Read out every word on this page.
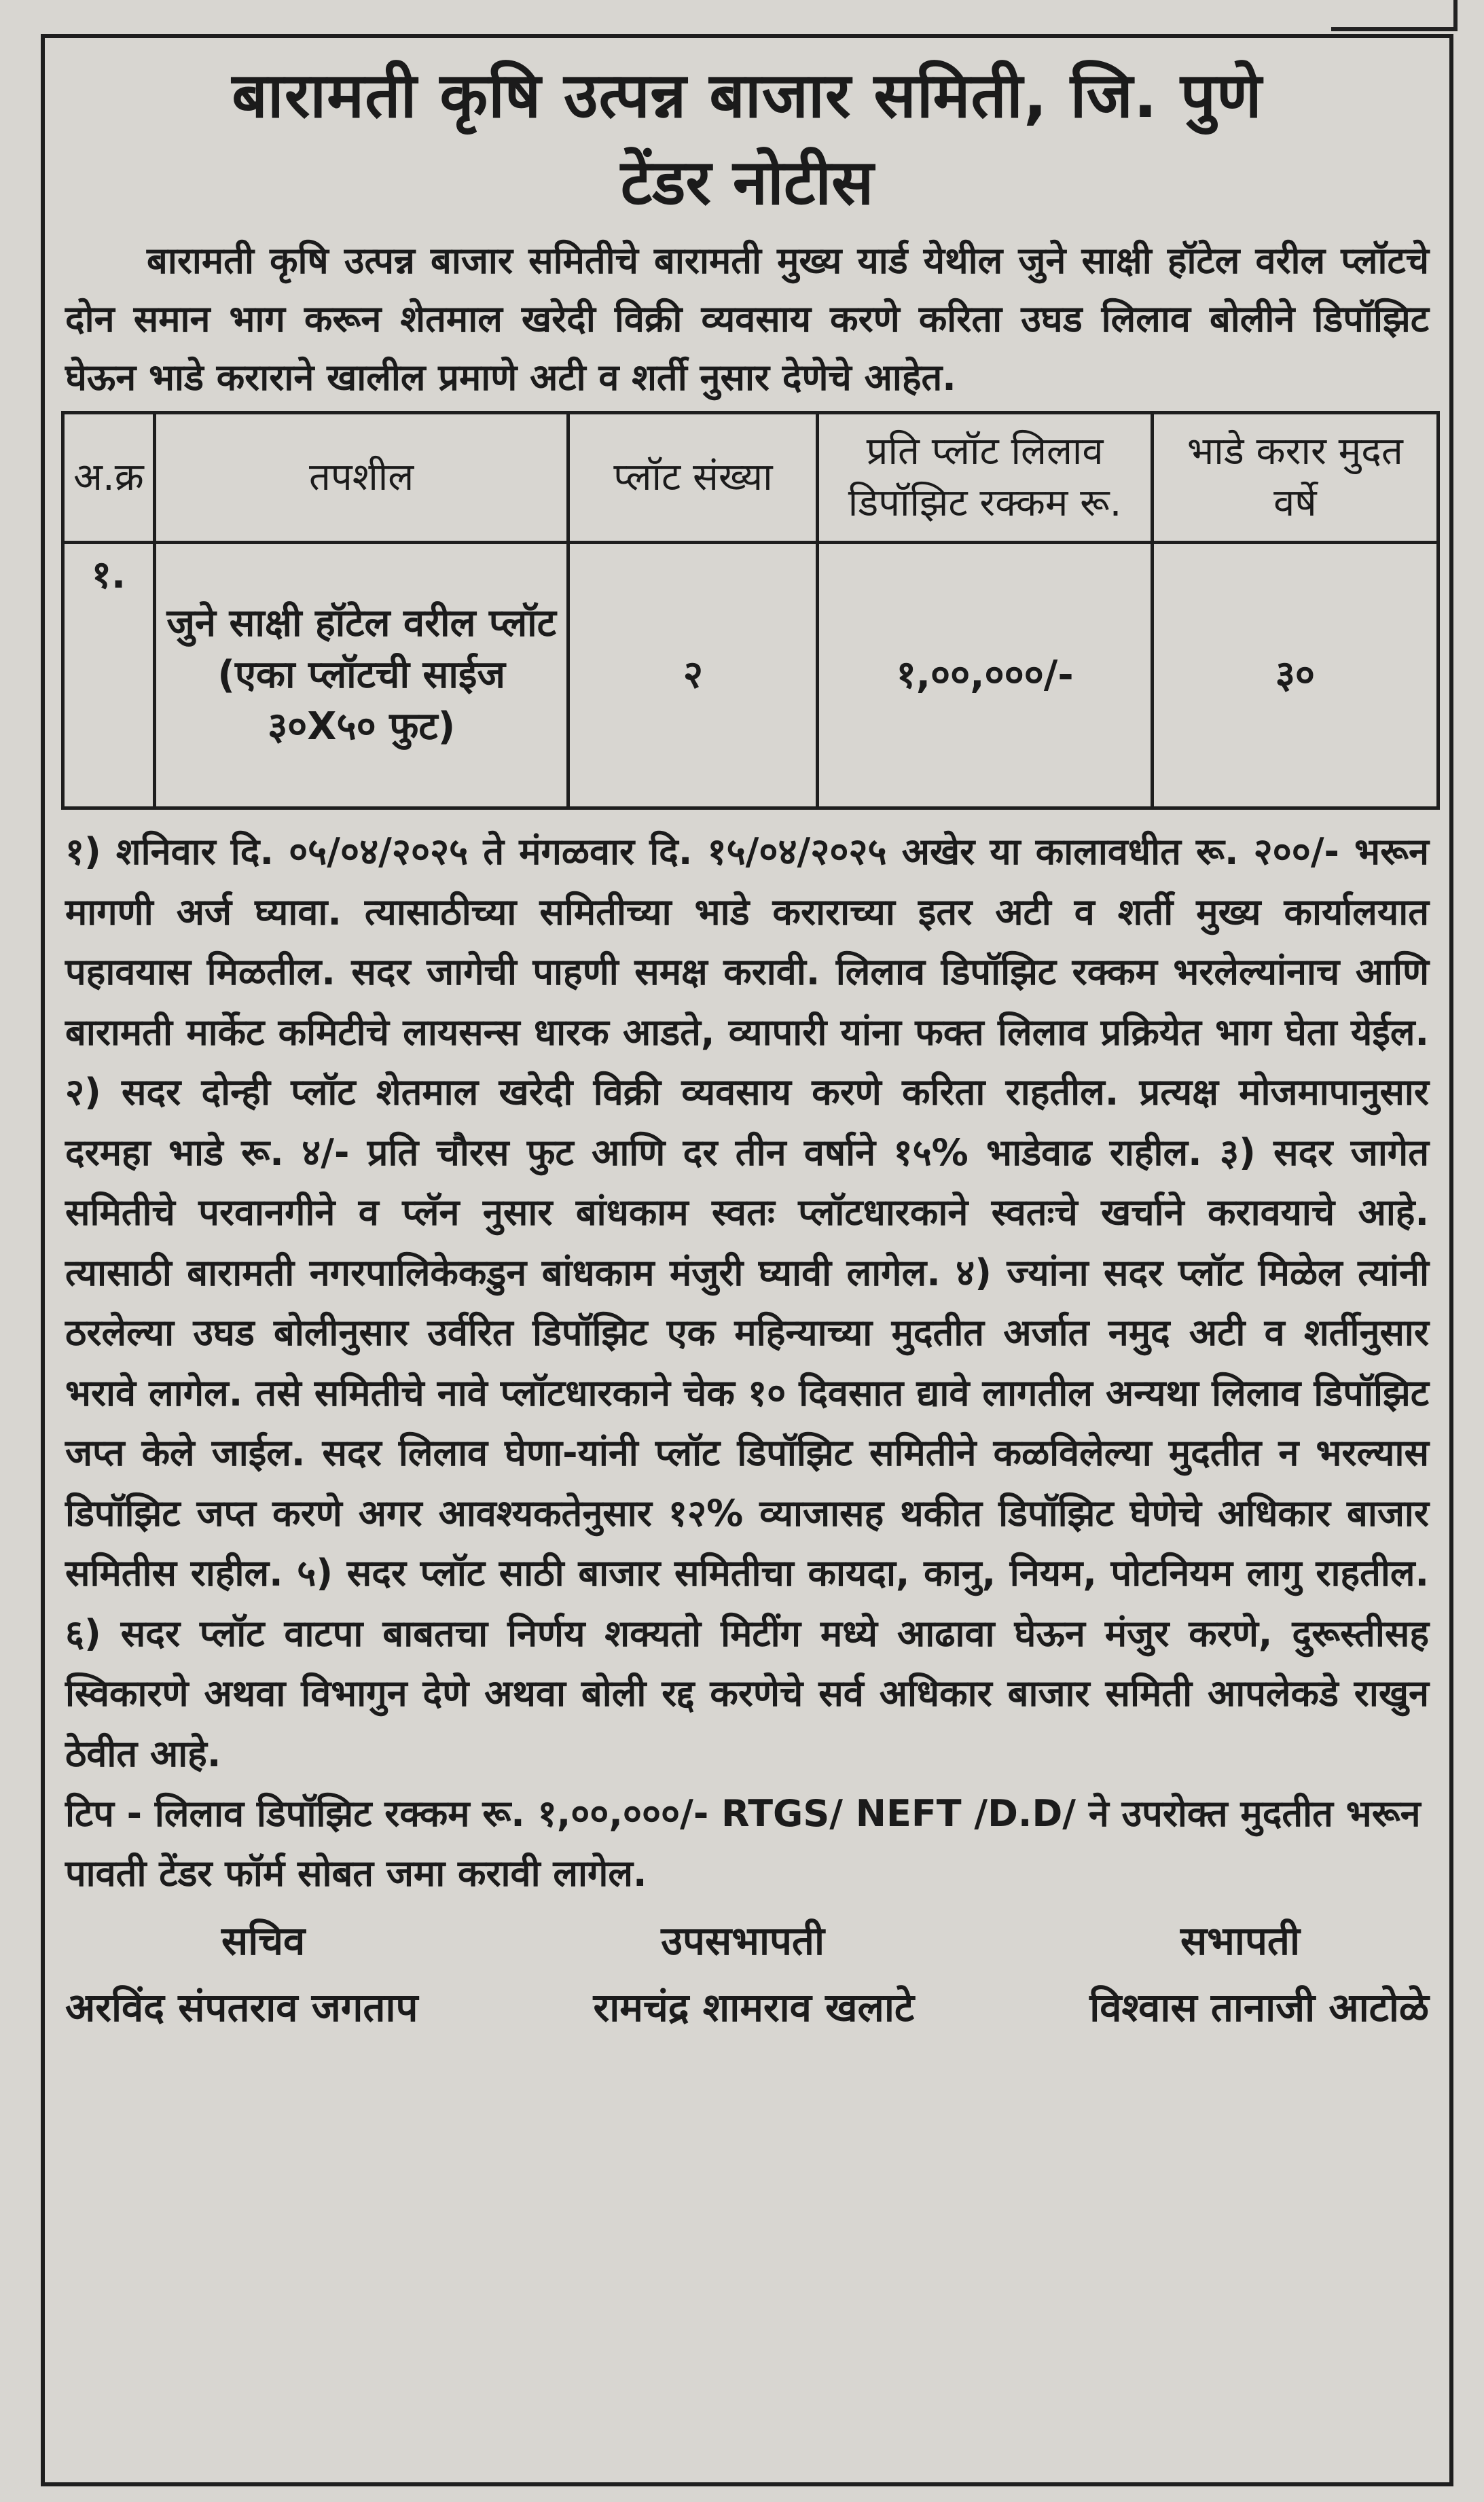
बारामती कृषि उत्पन्न बाजार समिती, जि. पुणे

टेंडर नोटीस

बारामती कृषि उत्पन्न बाजार समितीचे बारामती मुख्य यार्ड येथील जुने साक्षी हॉटेल वरील प्लॉटचे दोन समान भाग करून शेतमाल खरेदी विक्री व्यवसाय करणे करिता उघड लिलाव बोलीने डिपॉझिट घेऊन भाडे कराराने खालील प्रमाणे अटी व शर्ती नुसार देणेचे आहेत.

अ.क्र	तपशील	प्लॉट संख्या	प्रति प्लॉट लिलाव डिपॉझिट रक्कम रू.	भाडे करार मुदत वर्षे
१.	जुने साक्षी हॉटेल वरील प्लॉट (एका प्लॉटची साईज ३०X५० फुट)	२	१,००,०००/-	३०

१) शनिवार दि. ०५/०४/२०२५ ते मंगळवार दि. १५/०४/२०२५ अखेर या कालावधीत रू. २००/- भरून मागणी अर्ज घ्यावा. त्यासाठीच्या समितीच्या भाडे कराराच्या इतर अटी व शर्ती मुख्य कार्यालयात पहावयास मिळतील. सदर जागेची पाहणी समक्ष करावी. लिलाव डिपॉझिट रक्कम भरलेल्यांनाच आणि बारामती मार्केट कमिटीचे लायसन्स धारक आडते, व्यापारी यांना फक्त लिलाव प्रक्रियेत भाग घेता येईल. २) सदर दोन्ही प्लॉट शेतमाल खरेदी विक्री व्यवसाय करणे करिता राहतील. प्रत्यक्ष मोजमापानुसार दरमहा भाडे रू. ४/- प्रति चौरस फुट आणि दर तीन वर्षाने १५% भाडेवाढ राहील. ३) सदर जागेत समितीचे परवानगीने व प्लॅन नुसार बांधकाम स्वतः प्लॉटधारकाने स्वतःचे खर्चाने करावयाचे आहे. त्यासाठी बारामती नगरपालिकेकडुन बांधकाम मंजुरी घ्यावी लागेल. ४) ज्यांना सदर प्लॉट मिळेल त्यांनी ठरलेल्या उघड बोलीनुसार उर्वरित डिपॉझिट एक महिन्याच्या मुदतीत अर्जात नमुद अटी व शर्तीनुसार भरावे लागेल. तसे समितीचे नावे प्लॉटधारकाने चेक १० दिवसात द्यावे लागतील अन्यथा लिलाव डिपॉझिट जप्त केले जाईल. सदर लिलाव घेणा-यांनी प्लॉट डिपॉझिट समितीने कळविलेल्या मुदतीत न भरल्यास डिपॉझिट जप्त करणे अगर आवश्यकतेनुसार १२% व्याजासह थकीत डिपॉझिट घेणेचे अधिकार बाजार समितीस राहील. ५) सदर प्लॉट साठी बाजार समितीचा कायदा, कानु, नियम, पोटनियम लागु राहतील. ६) सदर प्लॉट वाटपा बाबतचा निर्णय शक्यतो मिटींग मध्ये आढावा घेऊन मंजुर करणे, दुरूस्तीसह स्विकारणे अथवा विभागुन देणे अथवा बोली रद्द करणेचे सर्व अधिकार बाजार समिती आपलेकडे राखुन ठेवीत आहे.

टिप - लिलाव डिपॉझिट रक्कम रू. १,००,०००/- RTGS/ NEFT /D.D/ ने उपरोक्त मुदतीत भरून पावती टेंडर फॉर्म सोबत जमा करावी लागेल.

सचिव	उपसभापती	सभापती
अरविंद संपतराव जगताप	रामचंद्र शामराव खलाटे	विश्वास तानाजी आटोळे
